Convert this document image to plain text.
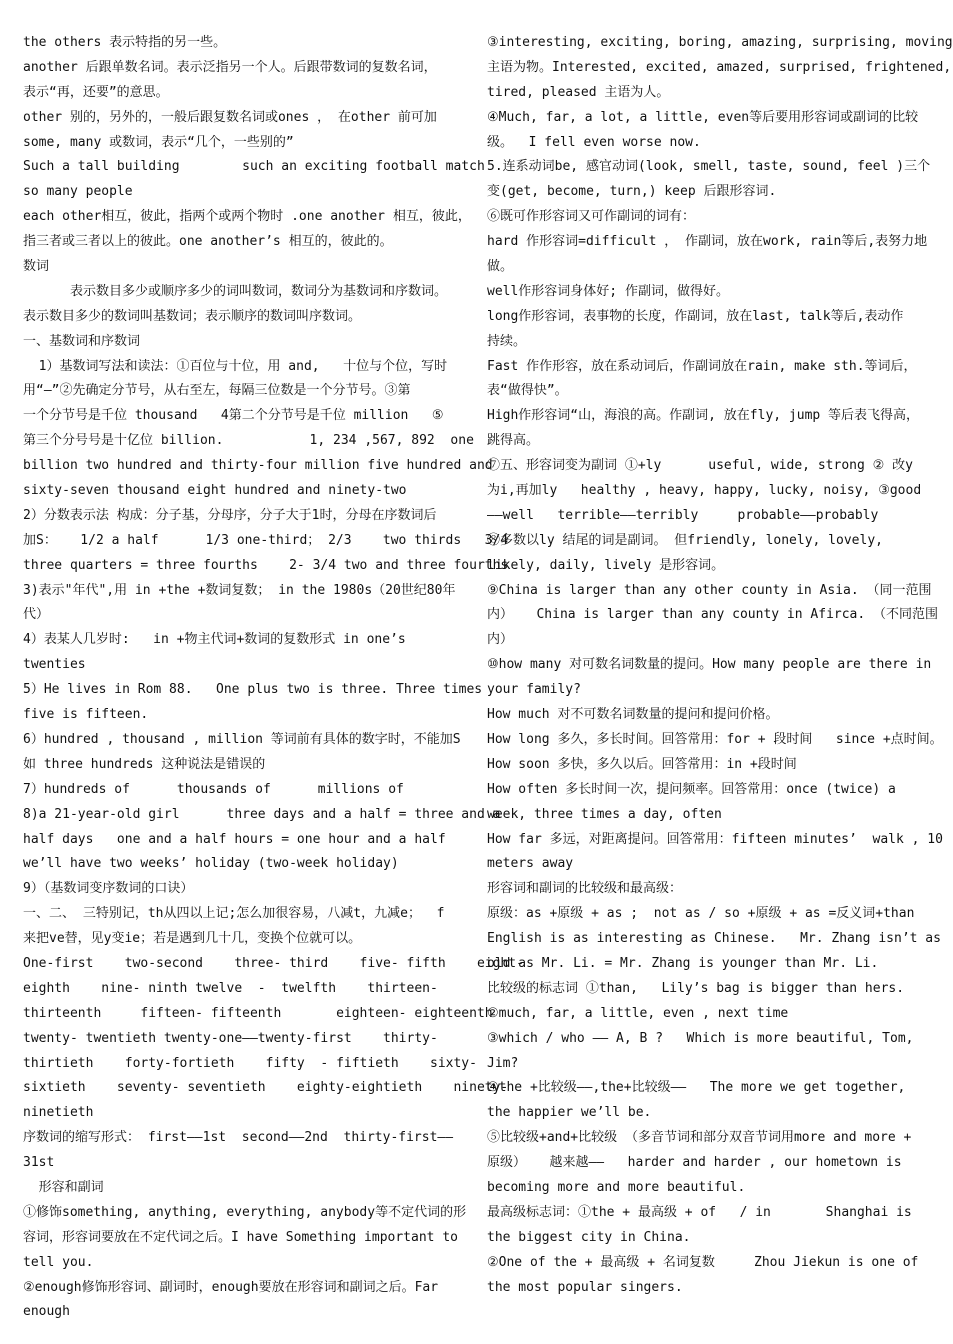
the others 表示特指的另一些。
another 后跟单数名词。表示泛指另一个人。后跟带数词的复数名词，
表示“再，还要”的意思。
other 别的，另外的，一般后跟复数名词或ones ， 在other 前可加
some, many 或数词，表示“几个，一些别的”
Such a tall building        such an exciting football match
so many people
each other相互，彼此，指两个或两个物时 .one another 相互，彼此，
指三者或三者以上的彼此。one another’s 相互的，彼此的。
数词
表示数目多少或顺序多少的词叫数词，数词分为基数词和序数词。
表示数目多少的数词叫基数词；表示顺序的数词叫序数词。
一、基数词和序数词
1）基数词写法和读法：①百位与十位，用 and,   十位与个位，写时
用“—”②先确定分节号，从右至左，每隔三位数是一个分节号。③第
一个分节号是千位 thousand   4第二个分节号是千位 million   ⑤
第三个分号号是十亿位 billion.           1, 234 ,567, 892  one
billion two hundred and thirty-four million five hundred and
sixty-seven thousand eight hundred and ninety-two
2）分数表示法 构成：分子基，分母序，分子大于1时，分母在序数词后
加S：   1/2 a half      1/3 one-third； 2/3    two thirds   3/4
three quarters = three fourths    2- 3/4 two and three fourths
3)表示"年代",用 in +the +数词复数； in the 1980s（20世纪80年
代）
4）表某人几岁时:   in +物主代词+数词的复数形式 in one’s
twenties
5）He lives in Rom 88.   One plus two is three. Three times
five is fifteen.
6）hundred , thousand , million 等词前有具体的数字时，不能加S
如 three hundreds 这种说法是错误的
7）hundreds of      thousands of      millions of
8)a 21-year-old girl      three days and a half = three and a
half days   one and a half hours = one hour and a half
we’ll have two weeks’ holiday (two-week holiday)
9）（基数词变序数词的口诀）
一、二、 三特别记，th从四以上记;怎么加很容易，八减t，九减e；  f
来把ve替，见y变ie；若是遇到几十几，变换个位就可以。
One-first    two-second    three- third    five- fifth    eight-
eighth    nine- ninth twelve  -  twelfth    thirteen-
thirteenth     fifteen- fifteenth       eighteen- eighteenth
twenty- twentieth twenty-one——twenty-first    thirty-
thirtieth    forty-fortieth    fifty  - fiftieth    sixty-
sixtieth    seventy- seventieth    eighty-eightieth    ninety-
ninetieth
序数词的缩写形式： first——1st  second——2nd  thirty-first——
31st
形容和副词
①修饰something, anything, everything, anybody等不定代词的形
容词，形容词要放在不定代词之后。I have Something important to
tell you.
②enough修饰形容词、副词时，enough要放在形容词和副词之后。Far
enough
③interesting, exciting, boring, amazing, surprising, moving
主语为物。Interested, excited, amazed, surprised, frightened,
tired, pleased 主语为人。
④Much, far, a lot, a little, even等后要用形容词或副词的比较
级。  I fell even worse now.
5.连系动词be, 感官动词(look, smell, taste, sound, feel )三个
变(get, become, turn,) keep 后跟形容词.
⑥既可作形容词又可作副词的词有：
hard 作形容词=difficult ， 作副词，放在work, rain等后,表努力地
做。
well作形容词身体好; 作副词，做得好。
long作形容词，表事物的长度，作副词，放在last, talk等后,表动作
持续。
Fast 作作形容，放在系动词后，作副词放在rain, make sth.等词后，
表“做得快”。
High作形容词“山，海浪的高。作副词, 放在fly, jump 等后表飞得高，
跳得高。
⑦五、形容词变为副词 ①+ly      useful, wide, strong ② 改y
为i,再加ly   healthy , heavy, happy, lucky, noisy, ③good
——well   terrible——terribly     probable——probably
⑧多数以ly 结尾的词是副词。 但friendly, lonely, lovely,
likely, daily, lively 是形容词。
⑨China is larger than any other county in Asia. （同一范围
内）   China is larger than any county in Afirca. （不同范围
内）
⑩how many 对可数名词数量的提问。How many people are there in
your family?
How much 对不可数名词数量的提问和提问价格。
How long 多久，多长时间。回答常用：for + 段时间   since +点时间。
How soon 多快，多久以后。回答常用：in +段时间
How often 多长时间一次，提问频率。回答常用：once (twice) a
week, three times a day, often
How far 多远，对距离提问。回答常用：fifteen minutes’  walk , 10
meters away
形容词和副词的比较级和最高级：
原级：as +原级 + as ;  not as / so +原级 + as =反义词+than
English is as interesting as Chinese.   Mr. Zhang isn’t as
old as Mr. Li. = Mr. Zhang is younger than Mr. Li.
比较级的标志词 ①than,   Lily’s bag is bigger than hers.
②much, far, a little, even , next time
③which / who —— A, B ?   Which is more beautiful, Tom,
Jim?
④the +比较级——,the+比较级——   The more we get together,
the happier we’ll be.
⑤比较级+and+比较级 （多音节词和部分双音节词用more and more +
原级）   越来越——   harder and harder , our hometown is
becoming more and more beautiful.
最高级标志词：①the + 最高级 + of   / in       Shanghai is
the biggest city in China.
②One of the + 最高级 + 名词复数     Zhou Jiekun is one of
the most popular singers.
